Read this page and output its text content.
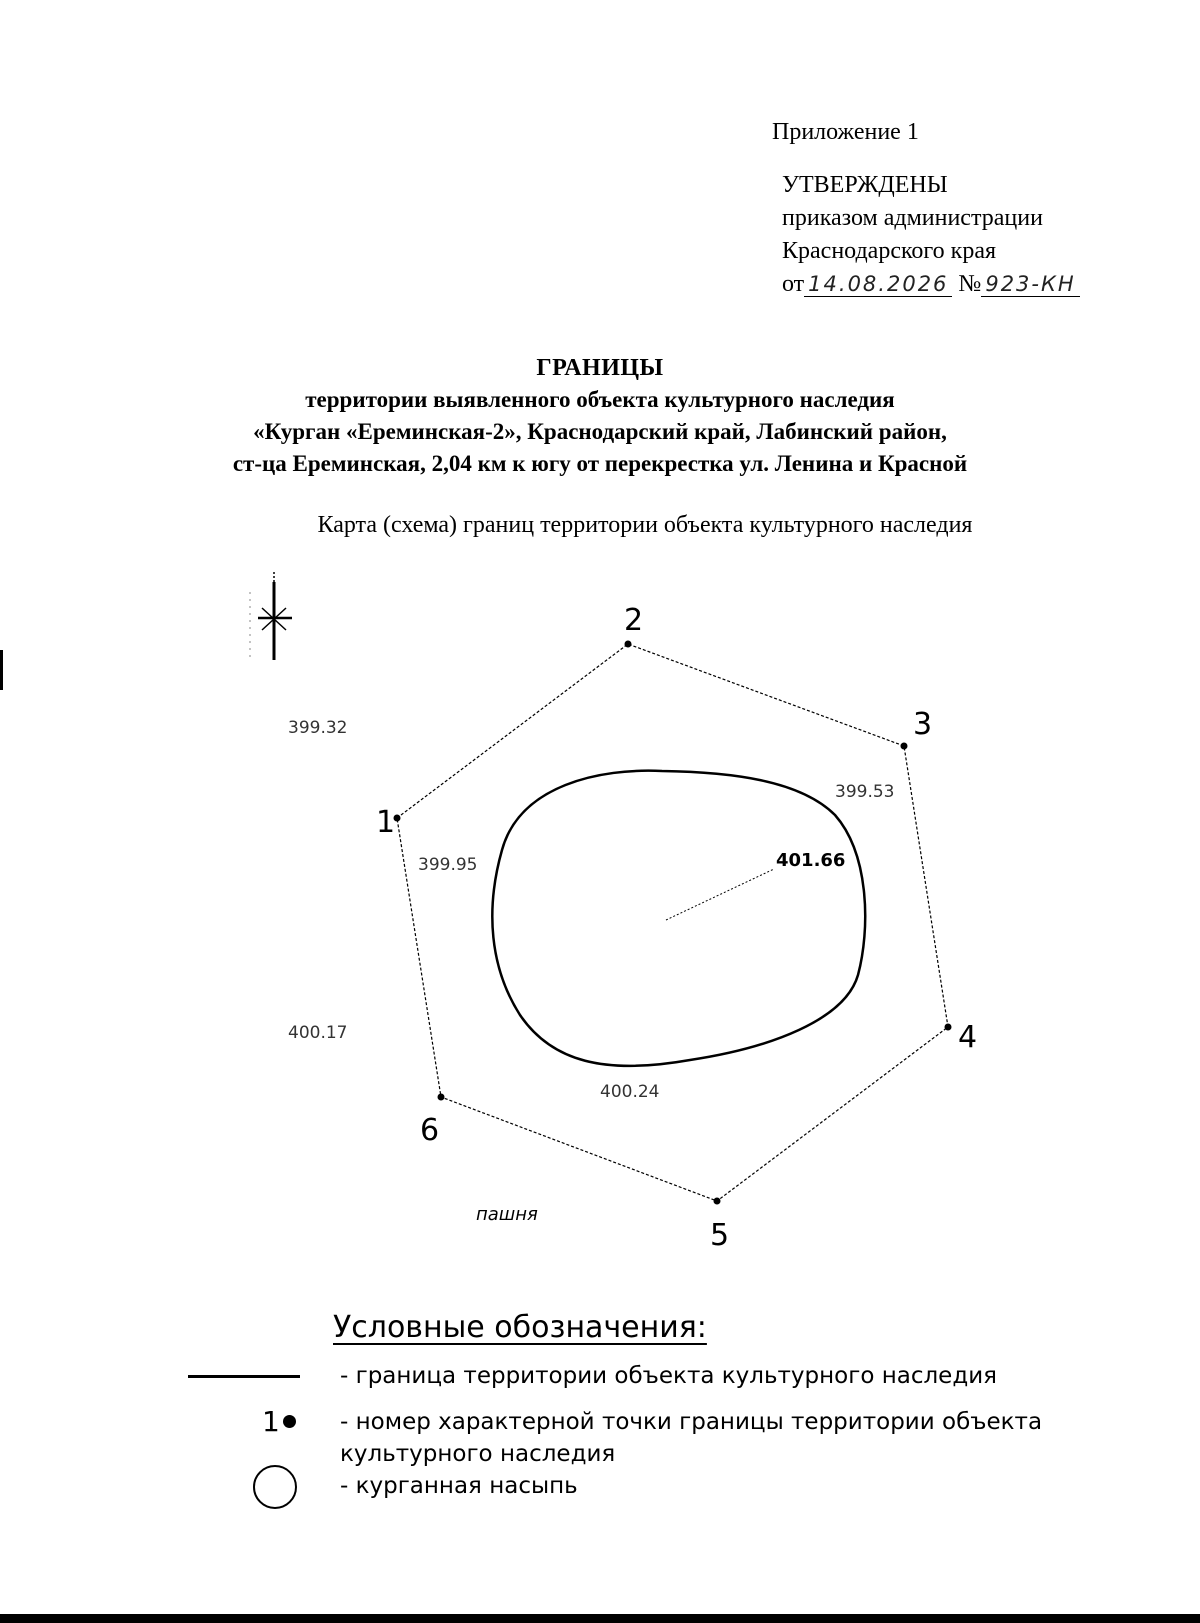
Приложение 1
УТВЕРЖДЕНЫ
приказом администрации
Краснодарского края
от 14.08.2026 № 923-КН
ГРАНИЦЫ
территории выявленного объекта культурного наследия
«Курган «Ереминская-2», Краснодарский край, Лабинский район,
ст-ца Ереминская, 2,04 км к югу от перекрестка ул. Ленина и Красной
Карта (схема) границ территории объекта культурного наследия
1
2
3
4
5
6
399.32
399.53
399.95	401.66
400.17
400.24
пашня
Условные обозначения:
- граница территории объекта культурного наследия
1	- номер характерной точки границы территории объекта
культурного наследия
- курганная насыпь
